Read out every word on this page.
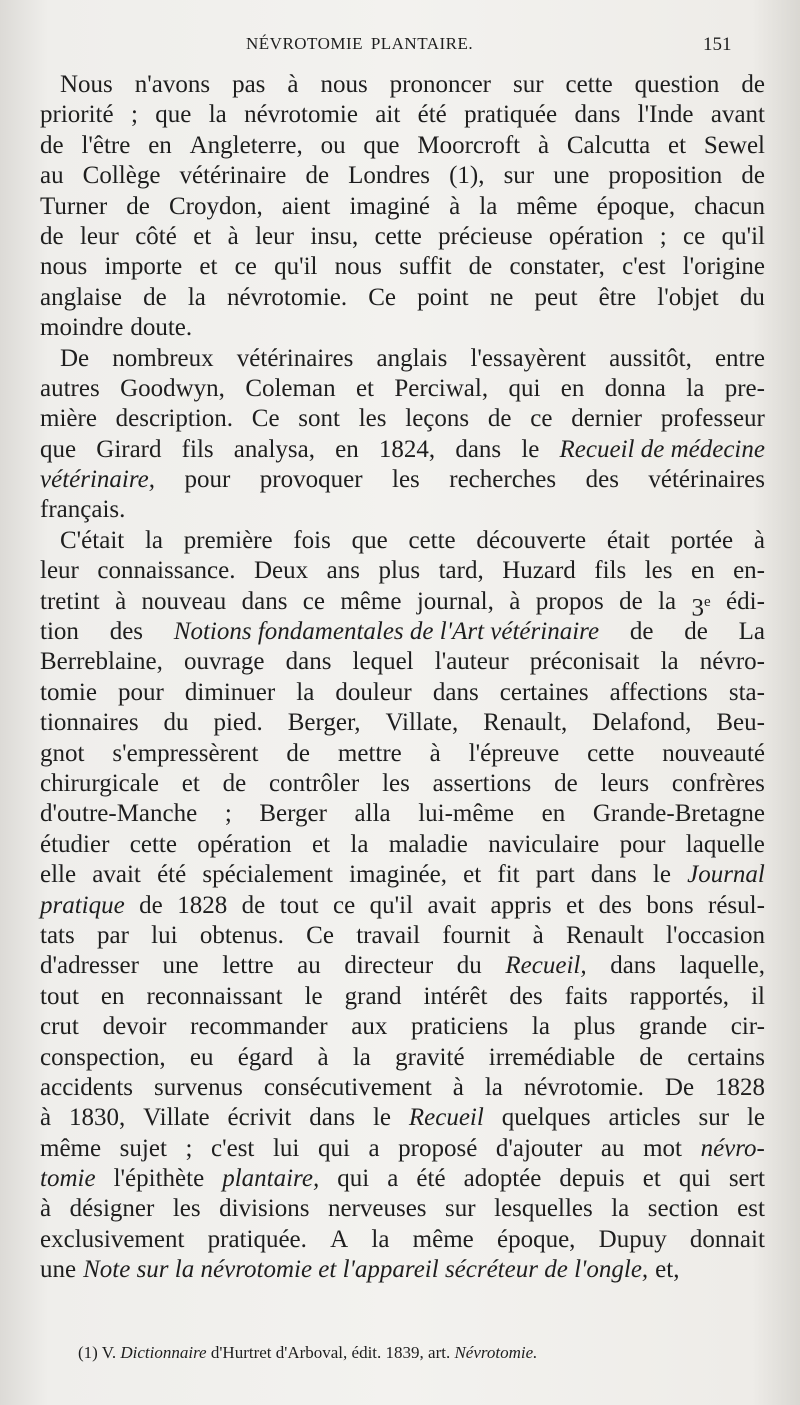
NÉVROTOMIE PLANTAIRE.	151
Nous n'avons pas à nous prononcer sur cette question de
priorité ; que la névrotomie ait été pratiquée dans l'Inde avant
de l'être en Angleterre, ou que Moorcroft à Calcutta et Sewel
au Collège vétérinaire de Londres (1), sur une proposition de
Turner de Croydon, aient imaginé à la même époque, chacun
de leur côté et à leur insu, cette précieuse opération ; ce qu'il
nous importe et ce qu'il nous suffit de constater, c'est l'origine
anglaise de la névrotomie. Ce point ne peut être l'objet du
moindre doute.
De nombreux vétérinaires anglais l'essayèrent aussitôt, entre
autres Goodwyn, Coleman et Perciwal, qui en donna la pre-
mière description. Ce sont les leçons de ce dernier professeur
que Girard fils analysa, en 1824, dans le Recueil de médecine
vétérinaire, pour provoquer les recherches des vétérinaires
français.
C'était la première fois que cette découverte était portée à
leur connaissance. Deux ans plus tard, Huzard fils les en en-
tretint à nouveau dans ce même journal, à propos de la 3e édi-
tion des Notions fondamentales de l'Art vétérinaire de de La
Berreblaine, ouvrage dans lequel l'auteur préconisait la névro-
tomie pour diminuer la douleur dans certaines affections sta-
tionnaires du pied. Berger, Villate, Renault, Delafond, Beu-
gnot s'empressèrent de mettre à l'épreuve cette nouveauté
chirurgicale et de contrôler les assertions de leurs confrères
d'outre-Manche ; Berger alla lui-même en Grande-Bretagne
étudier cette opération et la maladie naviculaire pour laquelle
elle avait été spécialement imaginée, et fit part dans le Journal
pratique de 1828 de tout ce qu'il avait appris et des bons résul-
tats par lui obtenus. Ce travail fournit à Renault l'occasion
d'adresser une lettre au directeur du Recueil, dans laquelle,
tout en reconnaissant le grand intérêt des faits rapportés, il
crut devoir recommander aux praticiens la plus grande cir-
conspection, eu égard à la gravité irremédiable de certains
accidents survenus consécutivement à la névrotomie. De 1828
à 1830, Villate écrivit dans le Recueil quelques articles sur le
même sujet ; c'est lui qui a proposé d'ajouter au mot névro-
tomie l'épithète plantaire, qui a été adoptée depuis et qui sert
à désigner les divisions nerveuses sur lesquelles la section est
exclusivement pratiquée. A la même époque, Dupuy donnait
une Note sur la névrotomie et l'appareil sécréteur de l'ongle, et,
(1) V. Dictionnaire d'Hurtret d'Arboval, édit. 1839, art. Névrotomie.
